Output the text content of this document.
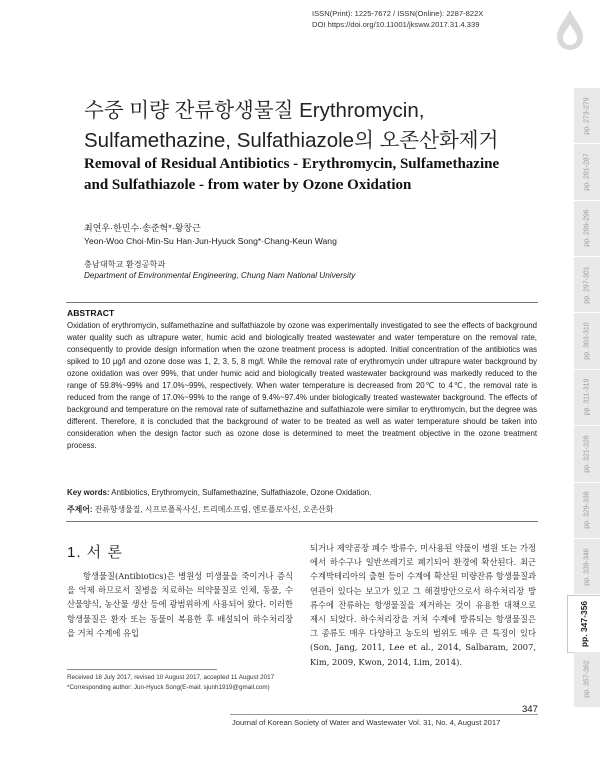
ISSN(Print): 1225-7672 / ISSN(Online): 2287-822X
DOI https://doi.org/10.11001/jksww.2017.31.4.339
pp. 273-279
pp. 281-287
pp. 289-296
pp. 297-301
pp. 303-310
pp. 311-319
pp. 321-328
pp. 329-338
pp. 339-346
pp. 347-356
pp. 357-362
수중 미량 잔류항생물질 Erythromycin,
Sulfamethazine, Sulfathiazole의 오존산화제거
Removal of Residual Antibiotics - Erythromycin, Sulfamethazine
and Sulfathiazole - from water by Ozone Oxidation
최연우·한민수·송준혁*·왕창근
Yeon-Woo Choi·Min-Su Han·Jun-Hyuck Song*·Chang-Keun Wang
충남대학교 환경공학과
Department of Environmental Engineering, Chung Nam National University
ABSTRACT
Oxidation of erythromycin, sulfamethazine and sulfathiazole by ozone was experimentally investigated to see the effects of background water quality such as ultrapure water, humic acid and biologically treated wastewater and water temperature on the removal rate, consequently to provide design information when the ozone treatment process is adopted. Initial concentration of the antibiotics was spiked to 10 μg/l and ozone dose was 1, 2, 3, 5, 8 mg/l. While the removal rate of erythromycin under ultrapure water background by ozone oxidation was over 99%, that under humic acid and biologically treated wastewater background was markedly reduced to the range of 59.8%~99% and 17.0%~99%, respectively. When water temperature is decreased from 20℃ to 4℃, the removal rate is reduced from the range of 17.0%~99% to the range of 9.4%~97.4% under biologically treated wastewater background. The effects of background and temperature on the removal rate of sulfamethazine and sulfathiazole were similar to erythromycin, but the degree was different. Therefore, it is concluded that the background of water to be treated as well as water temperature should be taken into consideration when the design factor such as ozone dose is determined to meet the treatment objective in the ozone treatment process.
Key words: Antibiotics, Erythromycin, Sulfamethazine, Sulfathiazole, Ozone Oxidation.
주제어: 잔류항생물질, 시프로플록사신, 트리메소프림, 엔로플로사신, 오존산화
1. 서 론
항생물질(Antibiotics)은 병원성 미생물을 죽이거나 증식을 억제 하므로서 질병을 치료하는 의약물질로 인체, 동물, 수산물양식, 농산물 생산 등에 광범위하게 사용되어 왔다. 이러한 항생물질은 환자 또는 동물이 복용한 후 배설되어 하수처리장을 거쳐 수계에 유입
되거나 제약공장 폐수 방류수, 미사용된 약물이 병원 또는 가정에서 하수구나 일반쓰레기로 폐기되어 환경에 확산된다. 최근 수계박테리아의 출현 등이 수계에 확산된 미량잔류 항생물질과 연관이 있다는 보고가 있고 그 해결방안으로서 하수처리장 방류수에 잔류하는 항생물질을 제거하는 것이 유용한 대책으로 제시 되었다. 하수처리장을 거쳐 수계에 방류되는 항생물질은 그 종류도 매우 다양하고 농도의 범위도 매우 큰 특징이 있다(Son, Jang, 2011, Lee et al., 2014, Salbaram, 2007, Kim, 2009, Kwon, 2014, Lim, 2014).
Received 18 July 2017, revised 10 August 2017, accepted 11 August 2017
*Corresponding author: Jun-Hyuck Song(E-mail: sjunh1919@gmail.com)
347
Journal of Korean Society of Water and Wastewater Vol. 31, No. 4, August 2017
